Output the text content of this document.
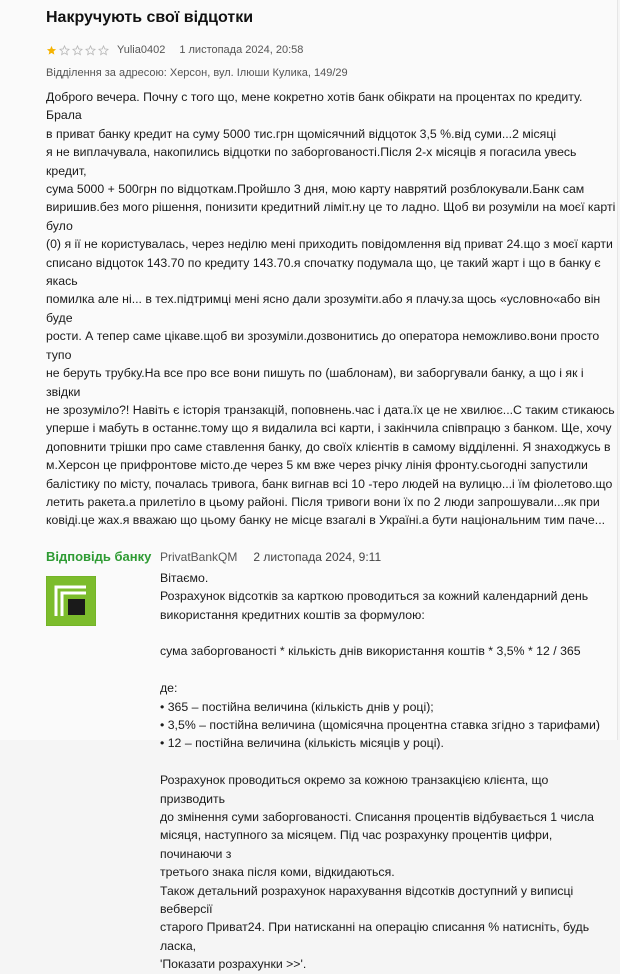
Накручують свої відцотки
Yulia0402 1 листопада 2024, 20:58
Відділення за адресою: Херсон, вул. Ілюши Кулика, 149/29
Доброго вечера. Почну с того що, мене кокретно хотів банк обікрати на процентах по кредиту. Брала
в приват банку кредит на суму 5000 тис.грн щомісячний відцоток 3,5 %.від суми...2 місяці
я не виплачувала, накопились відцотки по заборгованості.Після 2-х місяців я погасила увесь кредит,
сума 5000 + 500грн по відцоткам.Пройшло 3 дня, мою карту наврятий розблокували.Банк сам
виришив.без мого рішення, понизити кредитний ліміт.ну це то ладно. Щоб ви розуміли на моєї карті було
(0) я ії не користувалась, через неділю мені приходить повідомлення від приват 24.що з моєї карти
списано відцоток 143.70 по кредиту 143.70.я спочатку подумала що, це такий жарт і що в банку є якась
помилка але ні... в тех.підтримці мені ясно дали зрозуміти.або я плачу.за щось «условно«або він буде
рости. А тепер саме цікаве.щоб ви зрозуміли.дозвонитись до оператора неможливо.вони просто тупо
не беруть трубку.На все про все вони пишуть по (шаблонам), ви заборгували банку, а що і як і звідки
не зрозуміло?! Навіть є історія транзакцій, поповнень.час і дата.їх це не хвилює...С таким стикаюсь
уперше і мабуть в останнє.тому що я видалила всі карти, і закінчила співпрацю з банком. Ще, хочу
доповнити трішки про саме ставлення банку, до своїх клієнтів в самому відділенні. Я знаходжусь в
м.Херсон це прифронтове місто.де через 5 км вже через річку лінія фронту.сьогодні запустили
балістику по місту, почалась тривога, банк вигнав всі 10 -теро людей на вулицю...і їм фіолетово.що
летить ракета.а прилетіло в цьому районі. Після тривоги вони їх по 2 люди запрошували...як при
ковіді.це жах.я вважаю що цьому банку не місце взагалі в Україні.а бути національним тим паче...
Відповідь банку PrivatBankQM 2 листопада 2024, 9:11
Вітаємо.
Розрахунок відсотків за карткою проводиться за кожний календарний день
використання кредитних коштів за формулою:

сума заборгованості * кількість днів використання коштів * 3,5% * 12 / 365

де:
• 365 – постійна величина (кількість днів у році);
• 3,5% – постійна величина (щомісячна процентна ставка згідно з тарифами)
• 12 – постійна величина (кількість місяців у році).

Розрахунок проводиться окремо за кожною транзакцією клієнта, що призводить
до змінення суми заборгованості. Списання процентів відбувається 1 числа
місяця, наступного за місяцем. Під час розрахунку процентів цифри, починаючи з
третього знака після коми, відкидаються.
Також детальний розрахунок нарахування відсотків доступний у виписці вебверсії
старого Приват24. При натисканні на операцію списання % натисніть, будь ласка,
'Показати розрахунки >>'.
